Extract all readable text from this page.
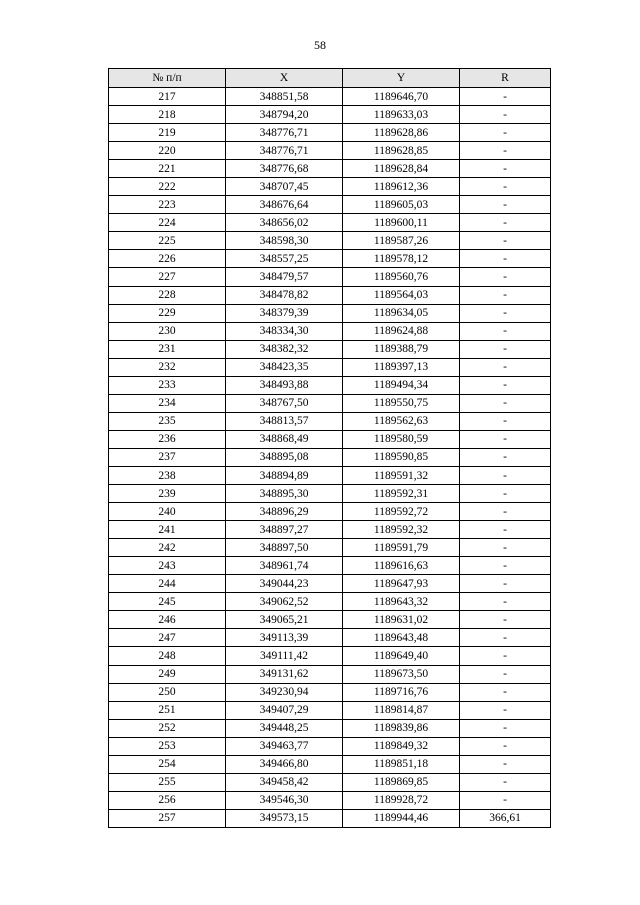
58
№ п/п	X	Y	R
217	348851,58	1189646,70	-
218	348794,20	1189633,03	-
219	348776,71	1189628,86	-
220	348776,71	1189628,85	-
221	348776,68	1189628,84	-
222	348707,45	1189612,36	-
223	348676,64	1189605,03	-
224	348656,02	1189600,11	-
225	348598,30	1189587,26	-
226	348557,25	1189578,12	-
227	348479,57	1189560,76	-
228	348478,82	1189564,03	-
229	348379,39	1189634,05	-
230	348334,30	1189624,88	-
231	348382,32	1189388,79	-
232	348423,35	1189397,13	-
233	348493,88	1189494,34	-
234	348767,50	1189550,75	-
235	348813,57	1189562,63	-
236	348868,49	1189580,59	-
237	348895,08	1189590,85	-
238	348894,89	1189591,32	-
239	348895,30	1189592,31	-
240	348896,29	1189592,72	-
241	348897,27	1189592,32	-
242	348897,50	1189591,79	-
243	348961,74	1189616,63	-
244	349044,23	1189647,93	-
245	349062,52	1189643,32	-
246	349065,21	1189631,02	-
247	349113,39	1189643,48	-
248	349111,42	1189649,40	-
249	349131,62	1189673,50	-
250	349230,94	1189716,76	-
251	349407,29	1189814,87	-
252	349448,25	1189839,86	-
253	349463,77	1189849,32	-
254	349466,80	1189851,18	-
255	349458,42	1189869,85	-
256	349546,30	1189928,72	-
257	349573,15	1189944,46	366,61
